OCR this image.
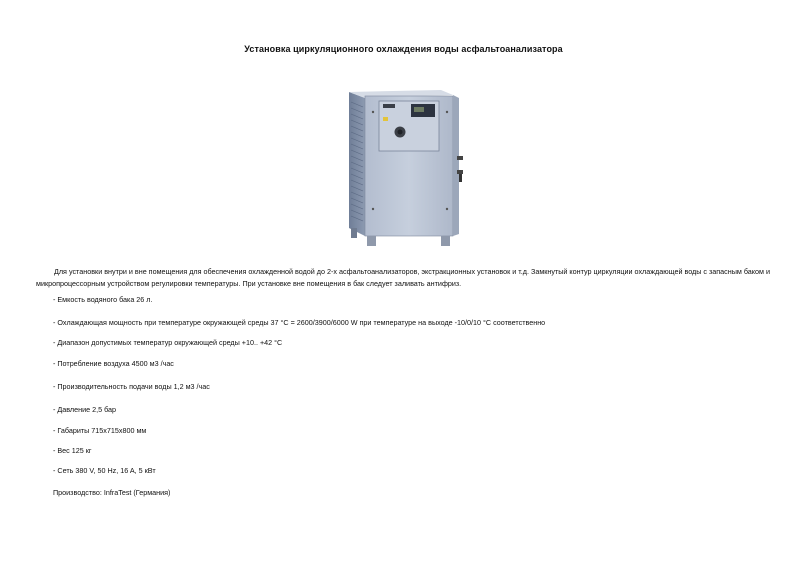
Установка циркуляционного охлаждения воды асфальтоанализатора
Для установки внутри и вне помещения для обеспечения охлажденной водой до 2-х асфальтоанализаторов, экстракционных установок и т.д. Замкнутый контур циркуляции охлаждающей воды с запасным баком и микропроцессорным устройством регулировки температуры. При установке вне помещения в бак следует заливать антифриз.
- Емкость водяного бака 26 л.
- Охлаждающая мощность при температуре окружающей среды 37 °C = 2600/3900/6000 W при температуре на выходе -10/0/10 °C соответственно
- Диапазон допустимых температур окружающей среды +10.. +42 °C
- Потребление воздуха 4500 м3 /час
- Производительность подачи воды 1,2 м3 /час
- Давление 2,5 бар
- Габариты 715x715x800 мм
- Вес 125 кг
- Сеть 380 V, 50 Hz, 16 A, 5 кВт
Производство: InfraTest (Германия)
